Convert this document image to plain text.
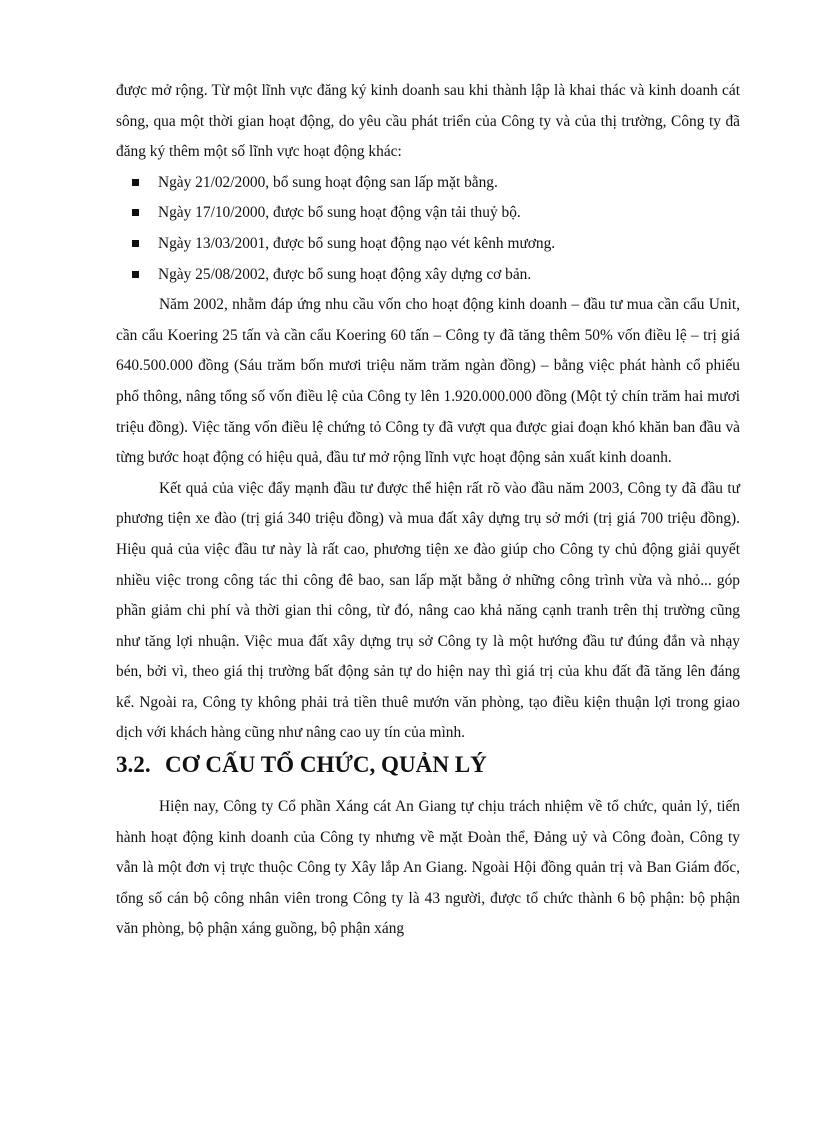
được mở rộng. Từ một lĩnh vực đăng ký kinh doanh sau khi thành lập là khai thác và kinh doanh cát sông, qua một thời gian hoạt động, do yêu cầu phát triển của Công ty và của thị trường, Công ty đã đăng ký thêm một số lĩnh vực hoạt động khác:

Ngày 21/02/2000, bổ sung hoạt động san lấp mặt bằng.
Ngày 17/10/2000, được bổ sung hoạt động vận tải thuỷ bộ.
Ngày 13/03/2001, được bổ sung hoạt động nạo vét kênh mương.
Ngày 25/08/2002, được bổ sung hoạt động xây dựng cơ bản.

Năm 2002, nhằm đáp ứng nhu cầu vốn cho hoạt động kinh doanh – đầu tư mua cần cẩu Unit, cần cẩu Koering 25 tấn và cần cẩu Koering 60 tấn – Công ty đã tăng thêm 50% vốn điều lệ – trị giá 640.500.000 đồng (Sáu trăm bốn mươi triệu năm trăm ngàn đồng) – bằng việc phát hành cổ phiếu phổ thông, nâng tổng số vốn điều lệ của Công ty lên 1.920.000.000 đồng (Một tỷ chín trăm hai mươi triệu đồng). Việc tăng vốn điều lệ chứng tỏ Công ty đã vượt qua được giai đoạn khó khăn ban đầu và từng bước hoạt động có hiệu quả, đầu tư mở rộng lĩnh vực hoạt động sản xuất kinh doanh.

Kết quả của việc đẩy mạnh đầu tư được thể hiện rất rõ vào đầu năm 2003, Công ty đã đầu tư phương tiện xe đào (trị giá 340 triệu đồng) và mua đất xây dựng trụ sở mới (trị giá 700 triệu đồng). Hiệu quả của việc đầu tư này là rất cao, phương tiện xe đào giúp cho Công ty chủ động giải quyết nhiều việc trong công tác thi công đê bao, san lấp mặt bằng ở những công trình vừa và nhỏ... góp phần giảm chi phí và thời gian thi công, từ đó, nâng cao khả năng cạnh tranh trên thị trường cũng như tăng lợi nhuận. Việc mua đất xây dựng trụ sở Công ty là một hướng đầu tư đúng đắn và nhạy bén, bởi vì, theo giá thị trường bất động sản tự do hiện nay thì giá trị của khu đất đã tăng lên đáng kể. Ngoài ra, Công ty không phải trả tiền thuê mướn văn phòng, tạo điều kiện thuận lợi trong giao dịch với khách hàng cũng như nâng cao uy tín của mình.

3.2. CƠ CẤU TỔ CHỨC, QUẢN LÝ

Hiện nay, Công ty Cổ phần Xáng cát An Giang tự chịu trách nhiệm về tổ chức, quản lý, tiến hành hoạt động kinh doanh của Công ty nhưng về mặt Đoàn thể, Đảng uỷ và Công đoàn, Công ty vẫn là một đơn vị trực thuộc Công ty Xây lắp An Giang. Ngoài Hội đồng quản trị và Ban Giám đốc, tổng số cán bộ công nhân viên trong Công ty là 43 người, được tổ chức thành 6 bộ phận: bộ phận văn phòng, bộ phận xáng guồng, bộ phận xáng
